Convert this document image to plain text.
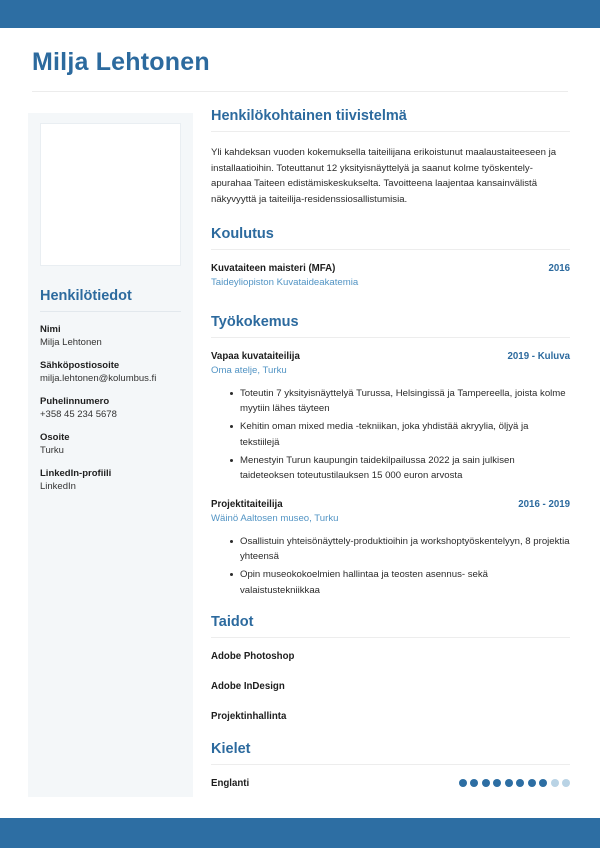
Milja Lehtonen
Henkilötiedot
Nimi
Milja Lehtonen
Sähköpostiosoite
milja.lehtonen@kolumbus.fi
Puhelinnumero
+358 45 234 5678
Osoite
Turku
LinkedIn-profiili
LinkedIn
Henkilökohtainen tiivistelmä

Yli kahdeksan vuoden kokemuksella taiteilijana erikoistunut maalaustaiteeseen ja installaatioihin. Toteuttanut 12 yksityisnäyttelyä ja saanut kolme työskentely-apurahaa Taiteen edistämiskeskukselta. Tavoitteena laajentaa kansainvälistä näkyvyyttä ja taiteilija-residenssiosallistumisia.

Koulutus
Kuvataiteen maisteri (MFA)	2016
Taideyliopiston Kuvataideakatemia
Työkokemus
Vapaa kuvataiteilija	2019 - Kuluva
Oma atelje, Turku
Toteutin 7 yksityisnäyttelyä Turussa, Helsingissä ja Tampereella, joista kolme myytiin lähes täyteen
Kehitin oman mixed media -tekniikan, joka yhdistää akryylia, öljyä ja tekstiilejä
Menestyin Turun kaupungin taidekilpailussa 2022 ja sain julkisen taideteoksen toteutustilauksen 15 000 euron arvosta
Projektitaiteilija	2016 - 2019
Wäinö Aaltosen museo, Turku
Osallistuin yhteisönäyttely-produktioihin ja workshoptyöskentelyyn, 8 projektia yhteensä
Opin museokokoelmien hallintaa ja teosten asennus- sekä valaistustekniikkaa
Taidot
Adobe Photoshop
Adobe InDesign
Projektinhallinta
Kielet
Englanti
